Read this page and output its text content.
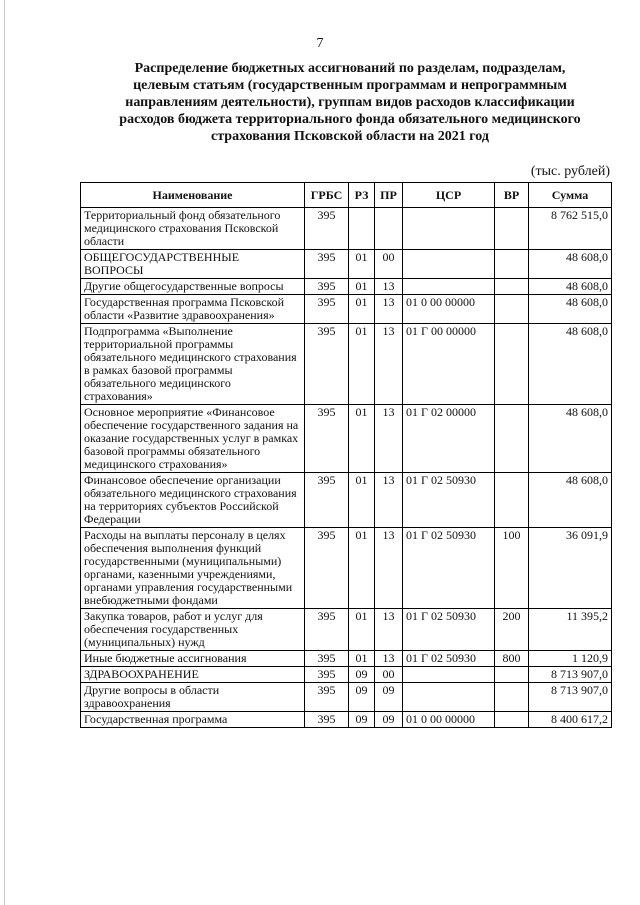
7
Распределение бюджетных ассигнований по разделам, подразделам,
целевым статьям (государственным программам и непрограммным
направлениям деятельности), группам видов расходов классификации
расходов бюджета территориального фонда обязательного медицинского
страхования Псковской области на 2021 год
(тыс. рублей)
Наименование	ГРБС	РЗ	ПР	ЦСР	ВР	Сумма
Территориальный фонд обязательного медицинского страхования Псковской области	395					8 762 515,0
ОБЩЕГОСУДАРСТВЕННЫЕ ВОПРОСЫ	395	01	00			48 608,0
Другие общегосударственные вопросы	395	01	13			48 608,0
Государственная программа Псковской области «Развитие здравоохранения»	395	01	13	01 0 00 00000		48 608,0
Подпрограмма «Выполнение территориальной программы обязательного медицинского страхования в рамках базовой программы обязательного медицинского страхования»	395	01	13	01 Г 00 00000		48 608,0
Основное мероприятие «Финансовое обеспечение государственного задания на оказание государственных услуг в рамках базовой программы обязательного медицинского страхования»	395	01	13	01 Г 02 00000		48 608,0
Финансовое обеспечение организации обязательного медицинского страхования на территориях субъектов Российской Федерации	395	01	13	01 Г 02 50930		48 608,0
Расходы на выплаты персоналу в целях обеспечения выполнения функций государственными (муниципальными) органами, казенными учреждениями, органами управления государственными внебюджетными фондами	395	01	13	01 Г 02 50930	100	36 091,9
Закупка товаров, работ и услуг для обеспечения государственных (муниципальных) нужд	395	01	13	01 Г 02 50930	200	11 395,2
Иные бюджетные ассигнования	395	01	13	01 Г 02 50930	800	1 120,9
ЗДРАВООХРАНЕНИЕ	395	09	00			8 713 907,0
Другие вопросы в области здравоохранения	395	09	09			8 713 907,0
Государственная программа	395	09	09	01 0 00 00000		8 400 617,2
